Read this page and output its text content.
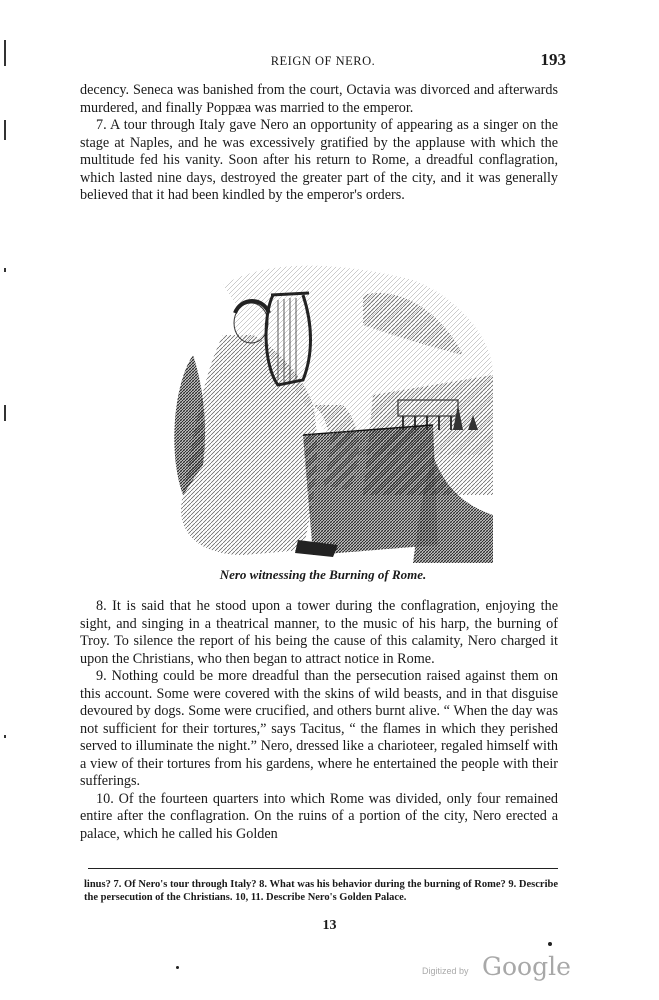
REIGN OF NERO.	193

decency. Seneca was banished from the court, Octavia was divorced and afterwards murdered, and finally Poppæa was married to the emperor.

7. A tour through Italy gave Nero an opportunity of appearing as a singer on the stage at Naples, and he was excessively gratified by the applause with which the multitude fed his vanity. Soon after his return to Rome, a dreadful conflagration, which lasted nine days, destroyed the greater part of the city, and it was generally believed that it had been kindled by the emperor's orders.

Nero witnessing the Burning of Rome.

8. It is said that he stood upon a tower during the conflagration, enjoying the sight, and singing in a theatrical manner, to the music of his harp, the burning of Troy. To silence the report of his being the cause of this calamity, Nero charged it upon the Christians, who then began to attract notice in Rome.

9. Nothing could be more dreadful than the persecution raised against them on this account. Some were covered with the skins of wild beasts, and in that disguise devoured by dogs. Some were crucified, and others burnt alive. “ When the day was not sufficient for their tortures,” says Tacitus, “ the flames in which they perished served to illuminate the night.” Nero, dressed like a charioteer, regaled himself with a view of their tortures from his gardens, where he entertained the people with their sufferings.

10. Of the fourteen quarters into which Rome was divided, only four remained entire after the conflagration. On the ruins of a portion of the city, Nero erected a palace, which he called his Golden

linus? 7. Of Nero's tour through Italy? 8. What was his behavior during the burning of Rome? 9. Describe the persecution of the Christians. 10, 11. Describe Nero's Golden Palace.
13
Digitized by Google
